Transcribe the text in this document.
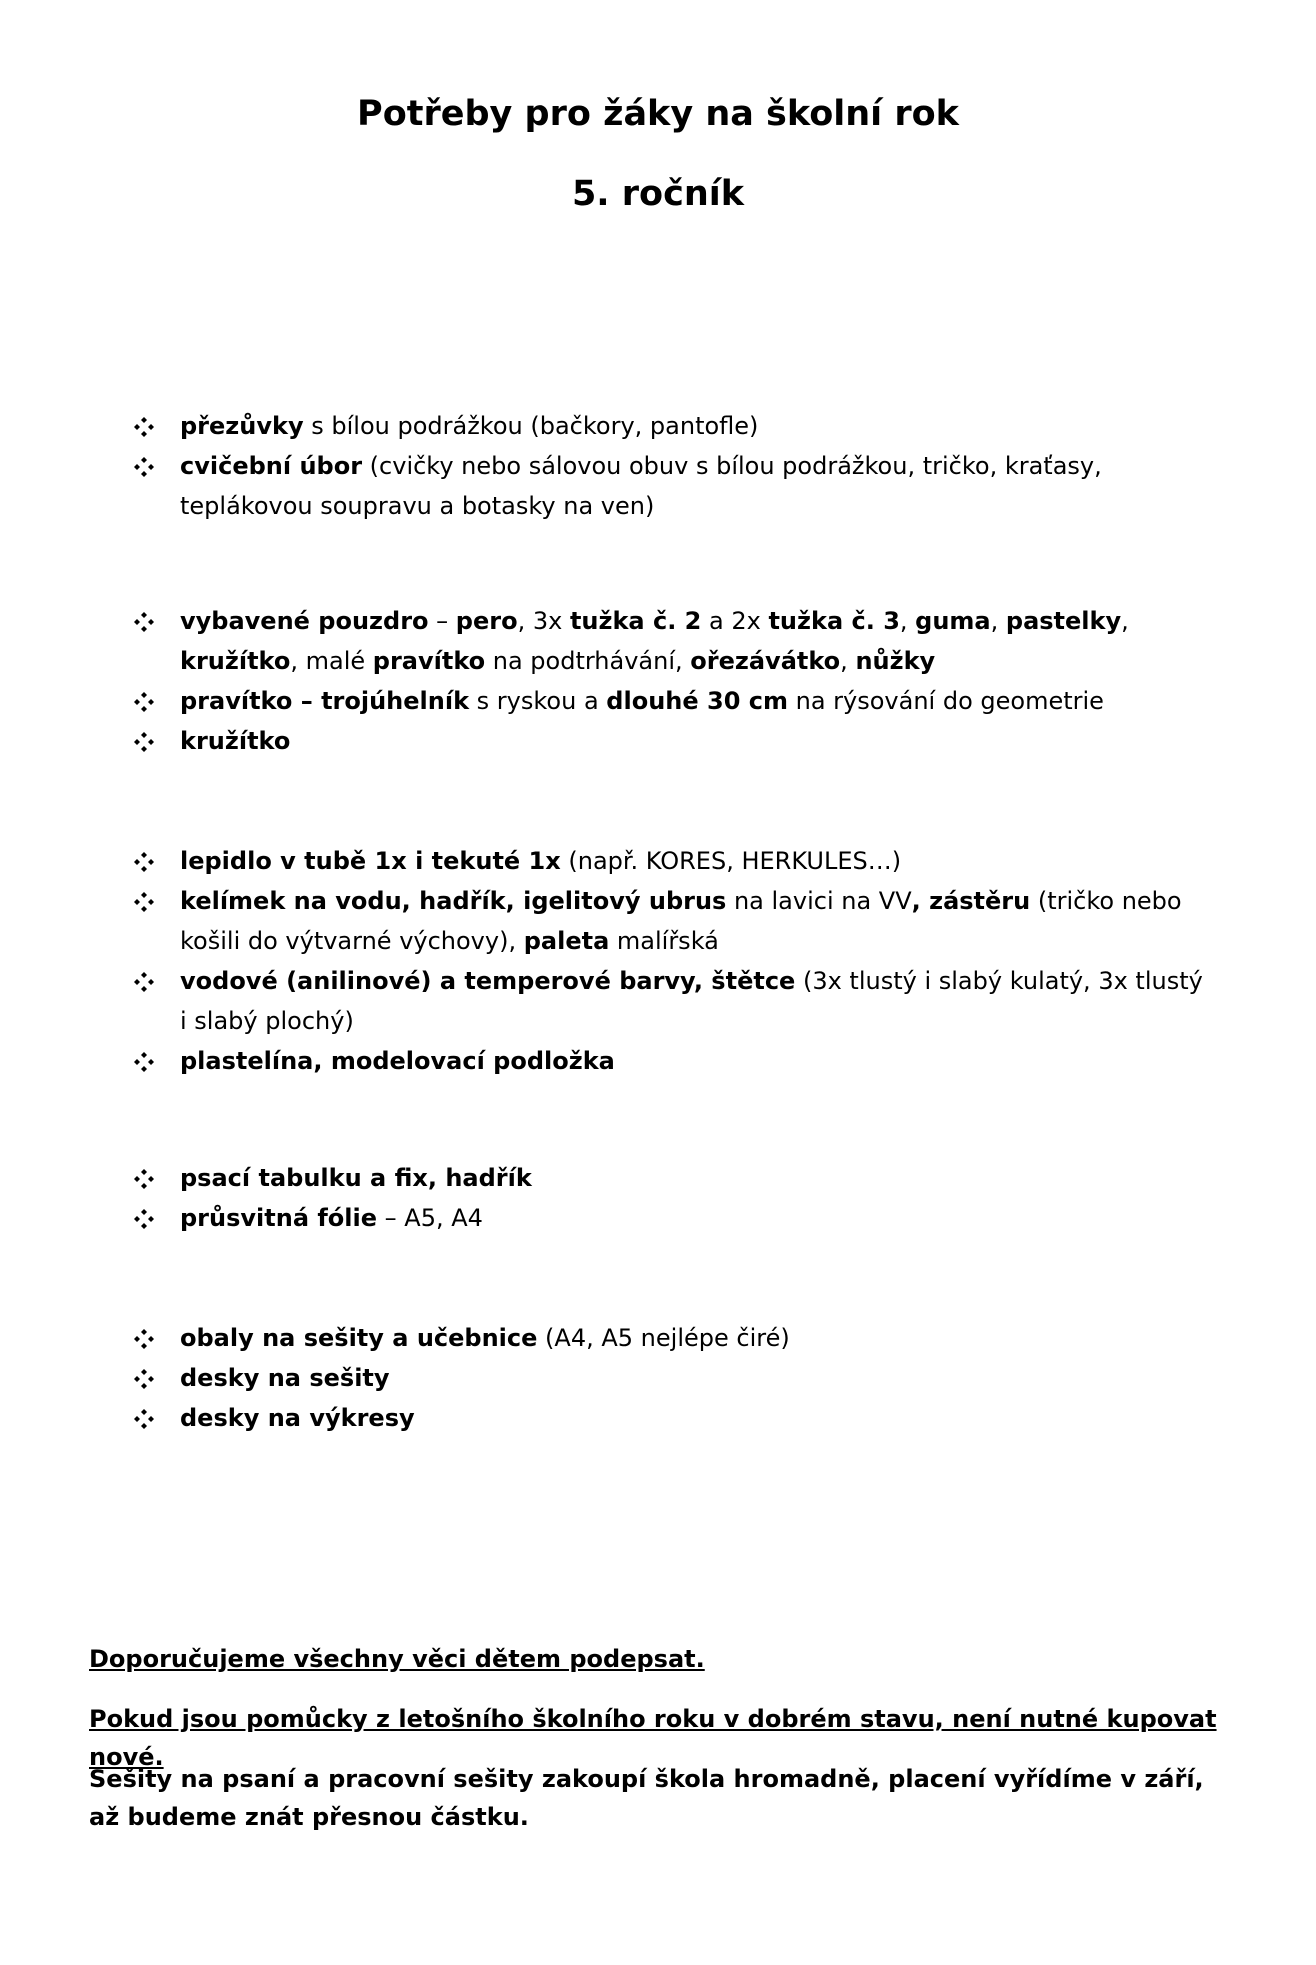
Potřeby pro žáky na školní rok
5. ročník
přezůvky s bílou podrážkou (bačkory, pantofle)
cvičební úbor (cvičky nebo sálovou obuv s bílou podrážkou, tričko, kraťasy, teplákovou soupravu a botasky na ven)
vybavené pouzdro – pero, 3x tužka č. 2 a 2x tužka č. 3, guma, pastelky, kružítko, malé pravítko na podtrhávání, ořezávátko, nůžky
pravítko – trojúhelník s ryskou a dlouhé 30 cm na rýsování do geometrie
kružítko
lepidlo v tubě 1x i tekuté 1x (např. KORES, HERKULES…)
kelímek na vodu, hadřík, igelitový ubrus na lavici na VV, zástěru (tričko nebo košili do výtvarné výchovy), paleta malířská
vodové (anilinové) a temperové barvy, štětce (3x tlustý i slabý kulatý, 3x tlustý i slabý plochý)
plastelína, modelovací podložka
psací tabulku a fix, hadřík
průsvitná fólie – A5, A4
obaly na sešity a učebnice (A4, A5 nejlépe čiré)
desky na sešity
desky na výkresy

Doporučujeme všechny věci dětem podepsat.

Pokud jsou pomůcky z letošního školního roku v dobrém stavu, není nutné kupovat nové.

Sešity na psaní a pracovní sešity zakoupí škola hromadně, placení vyřídíme v září, až budeme znát přesnou částku.
